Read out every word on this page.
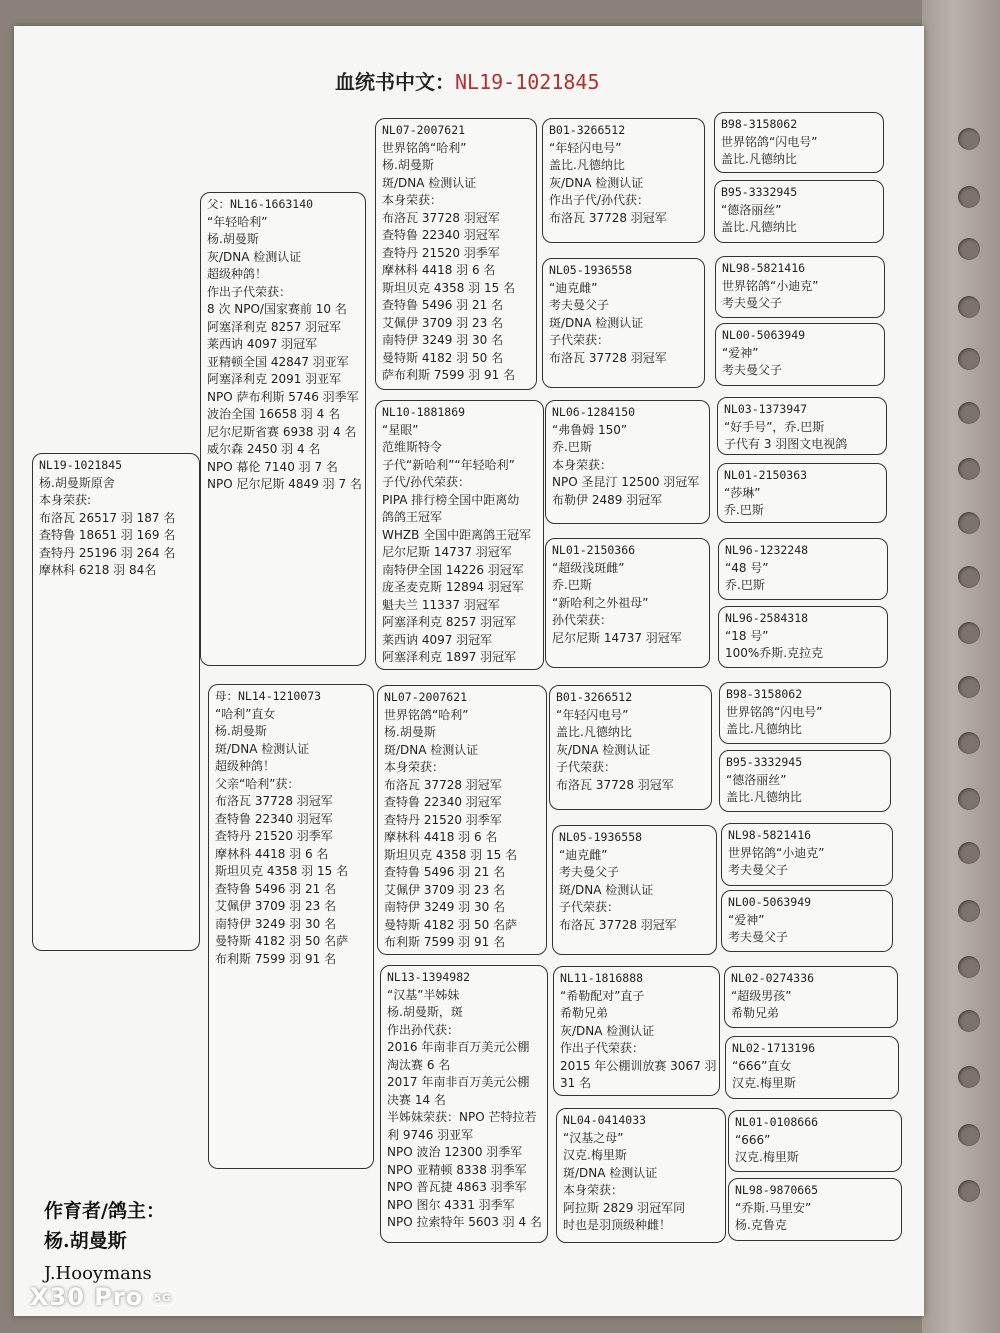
血统书中文：NL19-1021845
NL19-1021845
杨.胡曼斯原舍
本身荣获:
布洛瓦 26517 羽 187 名
查特鲁 18651 羽 169 名
查特丹 25196 羽 264 名
摩林科 6218 羽 84名
父：NL16-1663140
“年轻哈利”
杨.胡曼斯
灰/DNA 检测认证
超级种鸽！
作出子代荣获：
8 次 NPO/国家赛前 10 名
阿塞泽利克 8257 羽冠军
莱西讷 4097 羽冠军
亚精顿全国 42847 羽亚军
阿塞泽利克 2091 羽亚军
NPO 萨布利斯 5746 羽季军
波治全国 16658 羽 4 名
尼尔尼斯省赛 6938 羽 4 名
威尔森 2450 羽 4 名
NPO 幕伦 7140 羽 7 名
NPO 尼尔尼斯 4849 羽 7 名
母：NL14-1210073
“哈利”直女
杨.胡曼斯
斑/DNA 检测认证
超级种鸽！
父亲“哈利”获：
布洛瓦 37728 羽冠军
查特鲁 22340 羽冠军
查特丹 21520 羽季军
摩林科 4418 羽 6 名
斯坦贝克 4358 羽 15 名
查特鲁 5496 羽 21 名
艾佩伊 3709 羽 23 名
南特伊 3249 羽 30 名
曼特斯 4182 羽 50 名萨
布利斯 7599 羽 91 名
NL07-2007621
世界铭鸽“哈利”
杨.胡曼斯
斑/DNA 检测认证
本身荣获：
布洛瓦 37728 羽冠军
查特鲁 22340 羽冠军
查特丹 21520 羽季军
摩林科 4418 羽 6 名
斯坦贝克 4358 羽 15 名
查特鲁 5496 羽 21 名
艾佩伊 3709 羽 23 名
南特伊 3249 羽 30 名
曼特斯 4182 羽 50 名
萨布利斯 7599 羽 91 名
NL10-1881869
“星眼”
范维斯特令
子代“新哈利”“年轻哈利”
子代/孙代荣获：
PIPA 排行榜全国中距离幼
鸽鸽王冠军
WHZB 全国中距离鸽王冠军
尼尔尼斯 14737 羽冠军
南特伊全国 14226 羽冠军
庞圣麦克斯 12894 羽冠军
魁夫兰 11337 羽冠军
阿塞泽利克 8257 羽冠军
莱西讷 4097 羽冠军
阿塞泽利克 1897 羽冠军
NL07-2007621
世界铭鸽“哈利”
杨.胡曼斯
斑/DNA 检测认证
本身荣获：
布洛瓦 37728 羽冠军
查特鲁 22340 羽冠军
查特丹 21520 羽季军
摩林科 4418 羽 6 名
斯坦贝克 4358 羽 15 名
查特鲁 5496 羽 21 名
艾佩伊 3709 羽 23 名
南特伊 3249 羽 30 名
曼特斯 4182 羽 50 名萨
布利斯 7599 羽 91 名
NL13-1394982
“汉基”半姊妹
杨.胡曼斯，斑
作出孙代获：
2016 年南非百万美元公棚
淘汰赛 6 名
2017 年南非百万美元公棚
决赛 14 名
半姊妹荣获：NPO 芒特拉若
利 9746 羽亚军
NPO 波治 12300 羽季军
NPO 亚精顿 8338 羽季军
NPO 普瓦捷 4863 羽季军
NPO 图尔 4331 羽季军
NPO 拉索特年 5603 羽 4 名
B01-3266512
“年轻闪电号”
盖比.凡德纳比
灰/DNA 检测认证
作出子代/孙代获：
布洛瓦 37728 羽冠军
NL05-1936558
“迪克雌”
考夫曼父子
斑/DNA 检测认证
子代荣获：
布洛瓦 37728 羽冠军
NL06-1284150
“弗鲁姆 150”
乔.巴斯
本身荣获：
NPO 圣昆汀 12500 羽冠军
布勒伊 2489 羽冠军
NL01-2150366
“超级浅斑雌”
乔.巴斯
“新哈利之外祖母”
孙代荣获：
尼尔尼斯 14737 羽冠军
B01-3266512
“年轻闪电号”
盖比.凡德纳比
灰/DNA 检测认证
子代荣获：
布洛瓦 37728 羽冠军
NL05-1936558
“迪克雌”
考夫曼父子
斑/DNA 检测认证
子代荣获：
布洛瓦 37728 羽冠军
NL11-1816888
“希勒配对”直子
希勒兄弟
灰/DNA 检测认证
作出子代荣获：
2015 年公棚训放赛 3067 羽
31 名
NL04-0414033
“汉基之母”
汉克.梅里斯
斑/DNA 检测认证
本身荣获：
阿拉斯 2829 羽冠军同
时也是羽顶级种雌！
B98-3158062
世界铭鸽“闪电号”
盖比.凡德纳比
B95-3332945
“德洛丽丝”
盖比.凡德纳比
NL98-5821416
世界铭鸽“小迪克”
考夫曼父子
NL00-5063949
“爱神”
考夫曼父子
NL03-1373947
“好手号”，乔.巴斯
子代有 3 羽图文电视鸽
NL01-2150363
“莎琳”
乔.巴斯
NL96-1232248
“48 号”
乔.巴斯
NL96-2584318
“18 号”
100%乔斯.克拉克
B98-3158062
世界铭鸽“闪电号”
盖比.凡德纳比
B95-3332945
“德洛丽丝”
盖比.凡德纳比
NL98-5821416
世界铭鸽“小迪克”
考夫曼父子
NL00-5063949
“爱神”
考夫曼父子
NL02-0274336
“超级男孩”
希勒兄弟
NL02-1713196
“666”直女
汉克.梅里斯
NL01-0108666
“666”
汉克.梅里斯
NL98-9870665
“乔斯.马里安”
杨.克鲁克
作育者/鸽主：
杨.胡曼斯
J.Hooymans
X30 Pro 5G
